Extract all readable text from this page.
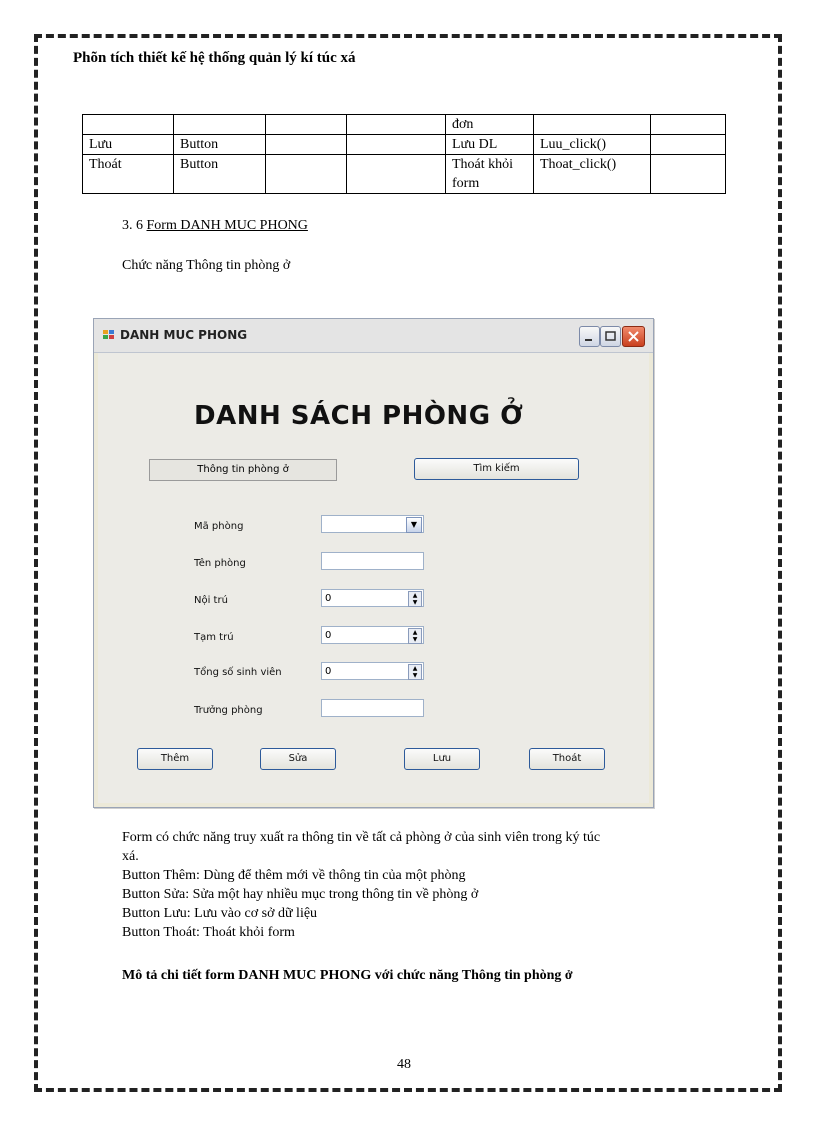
Phõn tích thiết kế hệ thống quản lý kí túc xá
				đơn		
Lưu	Button			Lưu DL	Luu_click()	
Thoát	Button			Thoát khỏi form	Thoat_click()	
3. 6 Form DANH MUC PHONG
Chức năng Thông tin phòng ở
DANH MUC PHONG
DANH SÁCH PHÒNG Ở
Thông tin phòng ở	Tìm kiếm
Mã phòng	▼
Tên phòng
Nội trú	0	▲
▼
Tạm trú	0	▲
▼
Tổng số sinh viên	0	▲
▼
Trưởng phòng
Thêm	Sửa	Lưu	Thoát
Form có chức năng truy xuất ra thông tin về tất cả phòng ở của sinh viên trong ký túc
xá.
Button Thêm: Dùng để thêm mới về thông tin của một phòng
Button Sửa: Sửa một hay nhiều mục trong thông tin về phòng ở
Button Lưu: Lưu vào cơ sở dữ liệu
Button Thoát: Thoát khỏi form
Mô tả chi tiết form DANH MUC PHONG với chức năng Thông tin phòng ở
48
